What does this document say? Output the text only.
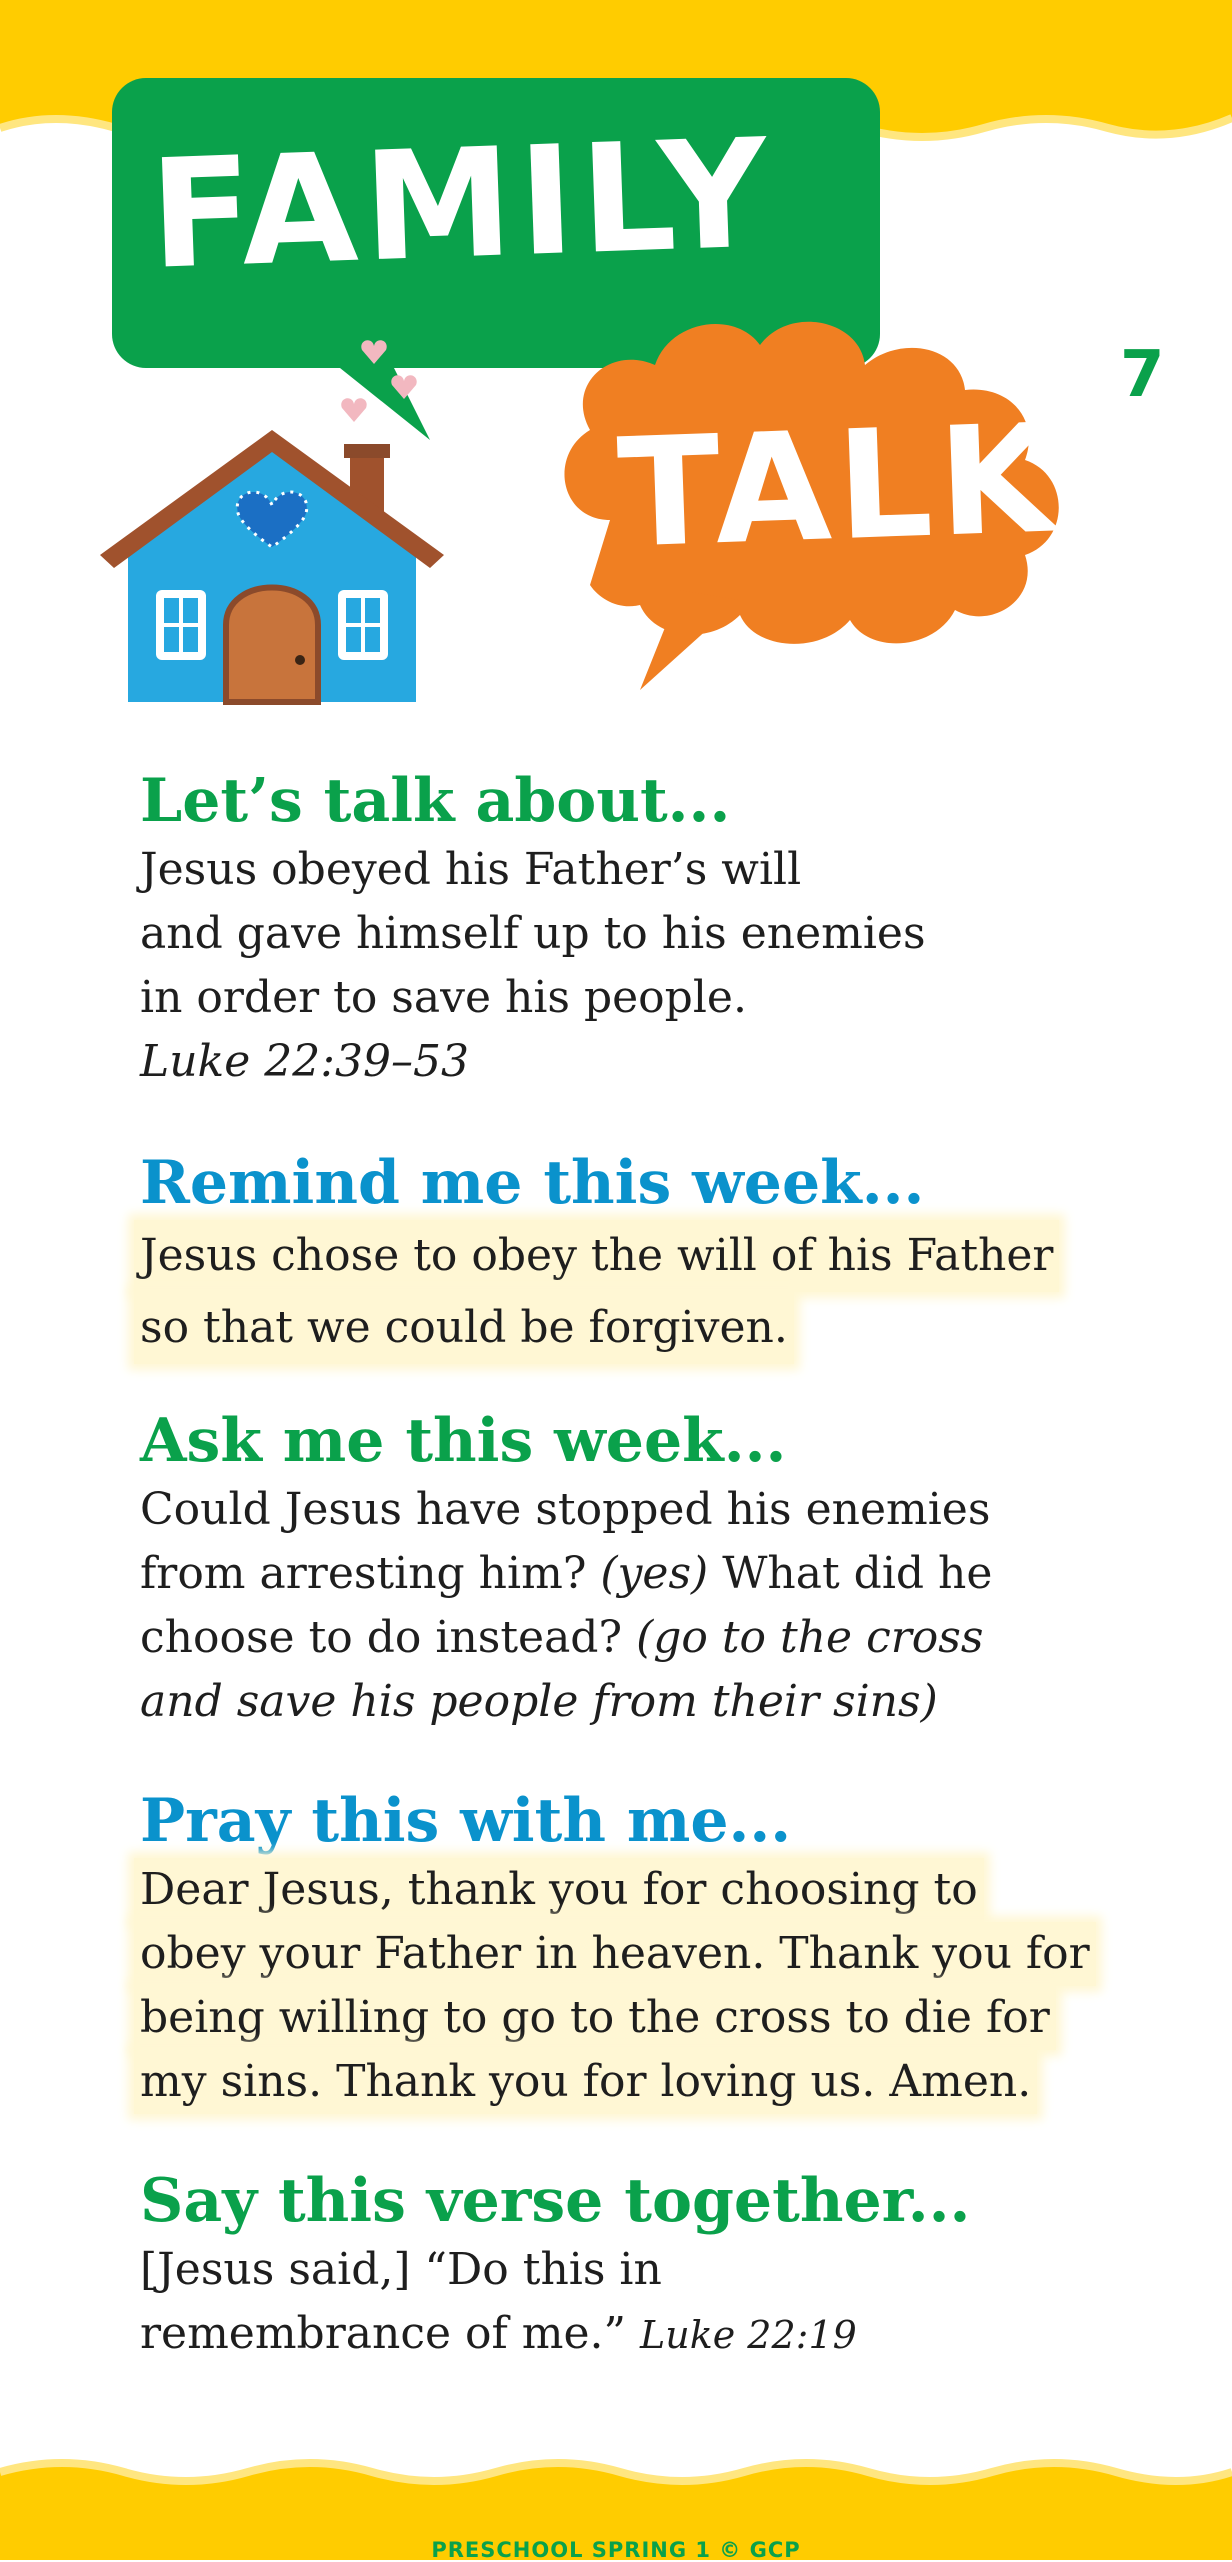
FAMILY
TALK
7
Let’s talk about...

Jesus obeyed his Father’s will
and gave himself up to his enemies
in order to save his people.
Luke 22:39–53

Remind me this week...

Jesus chose to obey the will of his Father
so that we could be forgiven.

Ask me this week...

Could Jesus have stopped his enemies
from arresting him? (yes) What did he
choose to do instead? (go to the cross
and save his people from their sins)

Pray this with me...

Dear Jesus, thank you for choosing to
obey your Father in heaven. Thank you for
being willing to go to the cross to die for
my sins. Thank you for loving us. Amen.

Say this verse together...

[Jesus said,] “Do this in
remembrance of me.” Luke 22:19

PRESCHOOL SPRING 1 © GCP
